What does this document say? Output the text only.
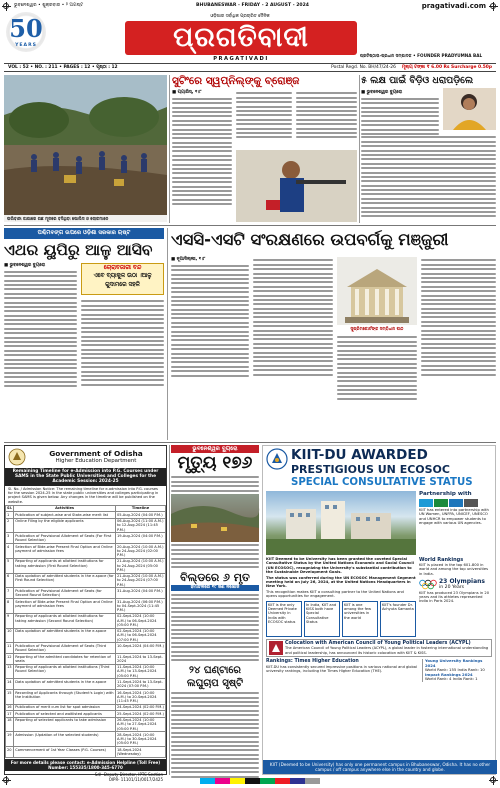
ଭୁବନେଶ୍ୱର • ଶୁକ୍ରବାର • ୨ ଅଗଷ୍ଟ	BHUBANESWAR - FRIDAY - 2 AUGUST - 2024	pragativadi.com
50
YEARS
ଓଡ଼ିଶାର ସର୍ବାଧିକ ପ୍ରଚାରିତ ଦୈନିକ
ପ୍ରଗତିବାଦୀ
PRAGATIVADI
ପ୍ରତିଷ୍ଠାତା-ପ୍ରଧାନ ସମ୍ପାଦକ • FOUNDER PRADYUMNA BAL
VOL : 52 • NO. : 211 • PAGES : 12 • ପୃଷ୍ଠା : 12	Postal Regd. No. BH/47/24-26 ମୂଲ୍ୟ ଟଙ୍କା ₹ 6.00 Rs Surcharge 0.50p
ତାଲିବାନୀ ଜାଗାରେ ଗଛ ମୂଳରେ ବସିଥିବା ପୋଲିସ ଓ ଲୋକମାନେ
ସୁଟିଂରେ ସ୍ୱପ୍ନିଲ୍‌ଙ୍କୁ ବ୍ରୋଞ୍ଜ
■ ପ୍ୟାରିସ୍, ୧।୮
୫ ଲକ୍ଷ ପାଇଁ ବିଡ଼ିଓ ଧରାପଡ଼ିଲେ
■ ଭୁବନେଶ୍ୱର ବ୍ୟୁରୋ
ପଶ୍ଚିମବଙ୍ଗ ଉପରେ ଓଡ଼ିଶା ସରକାର ଋଷ୍ଟ
ଏଥର ୟୁପିରୁ ଆଳୁ ଆସିବ
■ ଭୁବନେଶ୍ୱର ବ୍ୟୁରୋ	ଚୋରାବଜାରୀ ବନ୍ଦ
ଏବେ ବ୍ୟାକୁଳ ଉଠା ।ଆଳୁ
ଗୁଦାମରେ ସହଳି
ଏସସି-ଏସଟି ସଂରକ୍ଷଣରେ ଉପବର୍ଗକୁ ମଞ୍ଜୁରୀ
■ ନୂଆଦିଲ୍ଲୀ, ୧।୮
ସୁପ୍ରିମକୋର୍ଟଙ୍କ ସମ୍ବିଧାନ ପୀଠ
Government of Odisha
Higher Education Department
Remaining Timeline for e-Admission into P.G. Courses under SAMS in the State Public Universities and Colleges for the Academic Session: 2024-25
Sl. No. / Admission Notice: The remaining timeline for e-admission into P.G. courses for the session 2024-25 in the state public universities and colleges participating in project SAMS is given below. Any changes in the timeline will be published on the website.
Sl.	Activities	Timeline
1	Publication of subject-wise and State-wise merit list	05-Aug-2024 (04:00 P.M.)
2	Online Filing by the eligible applicants	06-Aug-2024 (11:00 A.M.) to 12-Aug-2024 (11:45 P.M.)
3	Publication of Provisional Allotment of Seats (For First Round Selection)	19-Aug-2024 (04:00 P.M.)
4	Selection of Bide-wise Present Final Option and Online payment of admission fees	20-Aug-2024 (10:00 A.M.) to 24-Aug-2024 (02:00 P.M.)
5	Reporting of applicants at allotted institutions for taking admission (First Round Selection)	21-Aug-2024 (10:00 A.M.) to 24-Aug-2024 (05:00 P.M.)
6	Data updation of admitted students in the e-space (for First Round Selection)	21-Aug-2024 (10:00 A.M.) to 24-Aug-2024 (07:00 P.M.)
7	Publication of Provisional Allotment of Seats (for Second Round Selection)	31-Aug-2024 (04:00 P.M.)
8	Selection of Bide-wise Present Final Option and Online payment of admission fees	31-Aug-2024 (06:00 P.M.) to 04-Sept-2024 (11:45 P.M.)
9	Reporting of applicants at allotted institutions for taking admission (Second Round Selection)	02-Sept-2024 (10:00 A.M.) to 06-Sept-2024 (05:00 P.M.)
10	Data updation of admitted students in the e-space	02-Sept-2024 (10:00 A.M.) to 06-Sept-2024 (07:00 P.M.)
11	Publication of Provisional Allotment of Seats (Third Round Selection)	10-Sept-2024 (04:00 P.M.)
12	Reporting of the admitted candidates for retention of seats	11-Sept-2024 to 13-Sept-2024
13	Reporting of applicants at allotted institutions (Third Round Selection)	11-Sept-2024 (10:00 A.M.) to 13-Sept-2024 (05:00 P.M.)
14	Data updation of admitted students in the e-space	11-Sept-2024 to 13-Sept-2024 (07:00 P.M.)
15	Recording of Applicants through (Student's Login) with the Institution	16-Sept-2024 (10:00 A.M.) to 20-Sept-2024 (11:45 P.M.)
16	Publication of merit cum list for spot admission	24-Sept-2024 (02:00 P.M.)
17	Publication of selected and waitlisted applicants	25-Sept-2024 (02:00 P.M.)
18	Reporting of selected applicants to take admission	26-Sept-2024 (10:00 A.M.) to 27-Sept-2024 (05:00 P.M.)
19	Admission (Updation of the selected students)	28-Sept-2024 (10:00 A.M.) to 30-Sept-2024 (05:00 P.M.)
20	Commencement of 1st Year Classes (P.G. Courses)	18-Sept-2024 (Wednesday)
For more details please contact: e-Admission Helpline (Toll Free) Number: 155335/1800-345-6770
Sd/- Deputy Director, IPTC Section
OIPR- 11101/11/0017/2425
ଭୁବନେଶ୍ୱର ବ୍ୟୁରୋ
ମୃତ୍ୟୁ ୧୭୬
ବିଲ୍ଡରେ ୬ ମୃତ
ହିମାଚଳରେ ୧୯ ଜଣ ନିଖୋଜ
୨୪ ଘଣ୍ଟାରେ
ଲଘୁଚାପ ସୃଷ୍ଟି
KIIT-DU AWARDED
PRESTIGIOUS UN ECOSOC
SPECIAL CONSULTATIVE STATUS
Partnership with
KIIT has entered into partnership with UN Women, UNFPA, UNICEF, UNESCO and UNHCR to empower students to engage with various UN agencies.
KIIT Deemed to be University has been granted the coveted Special Consultative Status by the United Nations Economic and Social Council (UN ECOSOC), recognizing the University's substantial contribution to the Sustainable Development Goals.
The status was conferred during the UN ECOSOC Management Segment meeting held on July 26, 2024, at the United Nations Headquarters in New York.
This recognition makes KIIT a consulting partner to the United Nations and opens opportunities for engagement.
KIIT is the only Deemed Private University in India with ECOSOC status
In India, KIIT and KISS both have Special Consultative Status
KIIT is one among the few universities in the world
KIIT's founder Dr. Achyuta Samanta
World Rankings
KIIT is placed in the top 601-800 in world and among the top universities in India.
23 Olympians
in 20 Years
KIIT has produced 23 Olympians in 20 years and its athletes represented India in Paris 2024.
Colocation with American Council of Young Political Leaders (ACYPL)
The American Council of Young Political Leaders (ACYPL), a global leader in fostering international understanding and political leadership, has announced its historic colocation with KIIT & KISS.
Rankings: Times Higher Education
KIIT-DU has consistently secured impressive positions in various national and global university rankings, including the Times Higher Education (THE).
Young University Rankings 2024
World Rank: 155 India Rank: 10
Impact Rankings 2024
World Rank: 4 India Rank: 1
KIIT (Deemed to be University) has only one permanent campus in Bhubaneswar, Odisha. It has no other campus / off campus anywhere else in the country and globe.
